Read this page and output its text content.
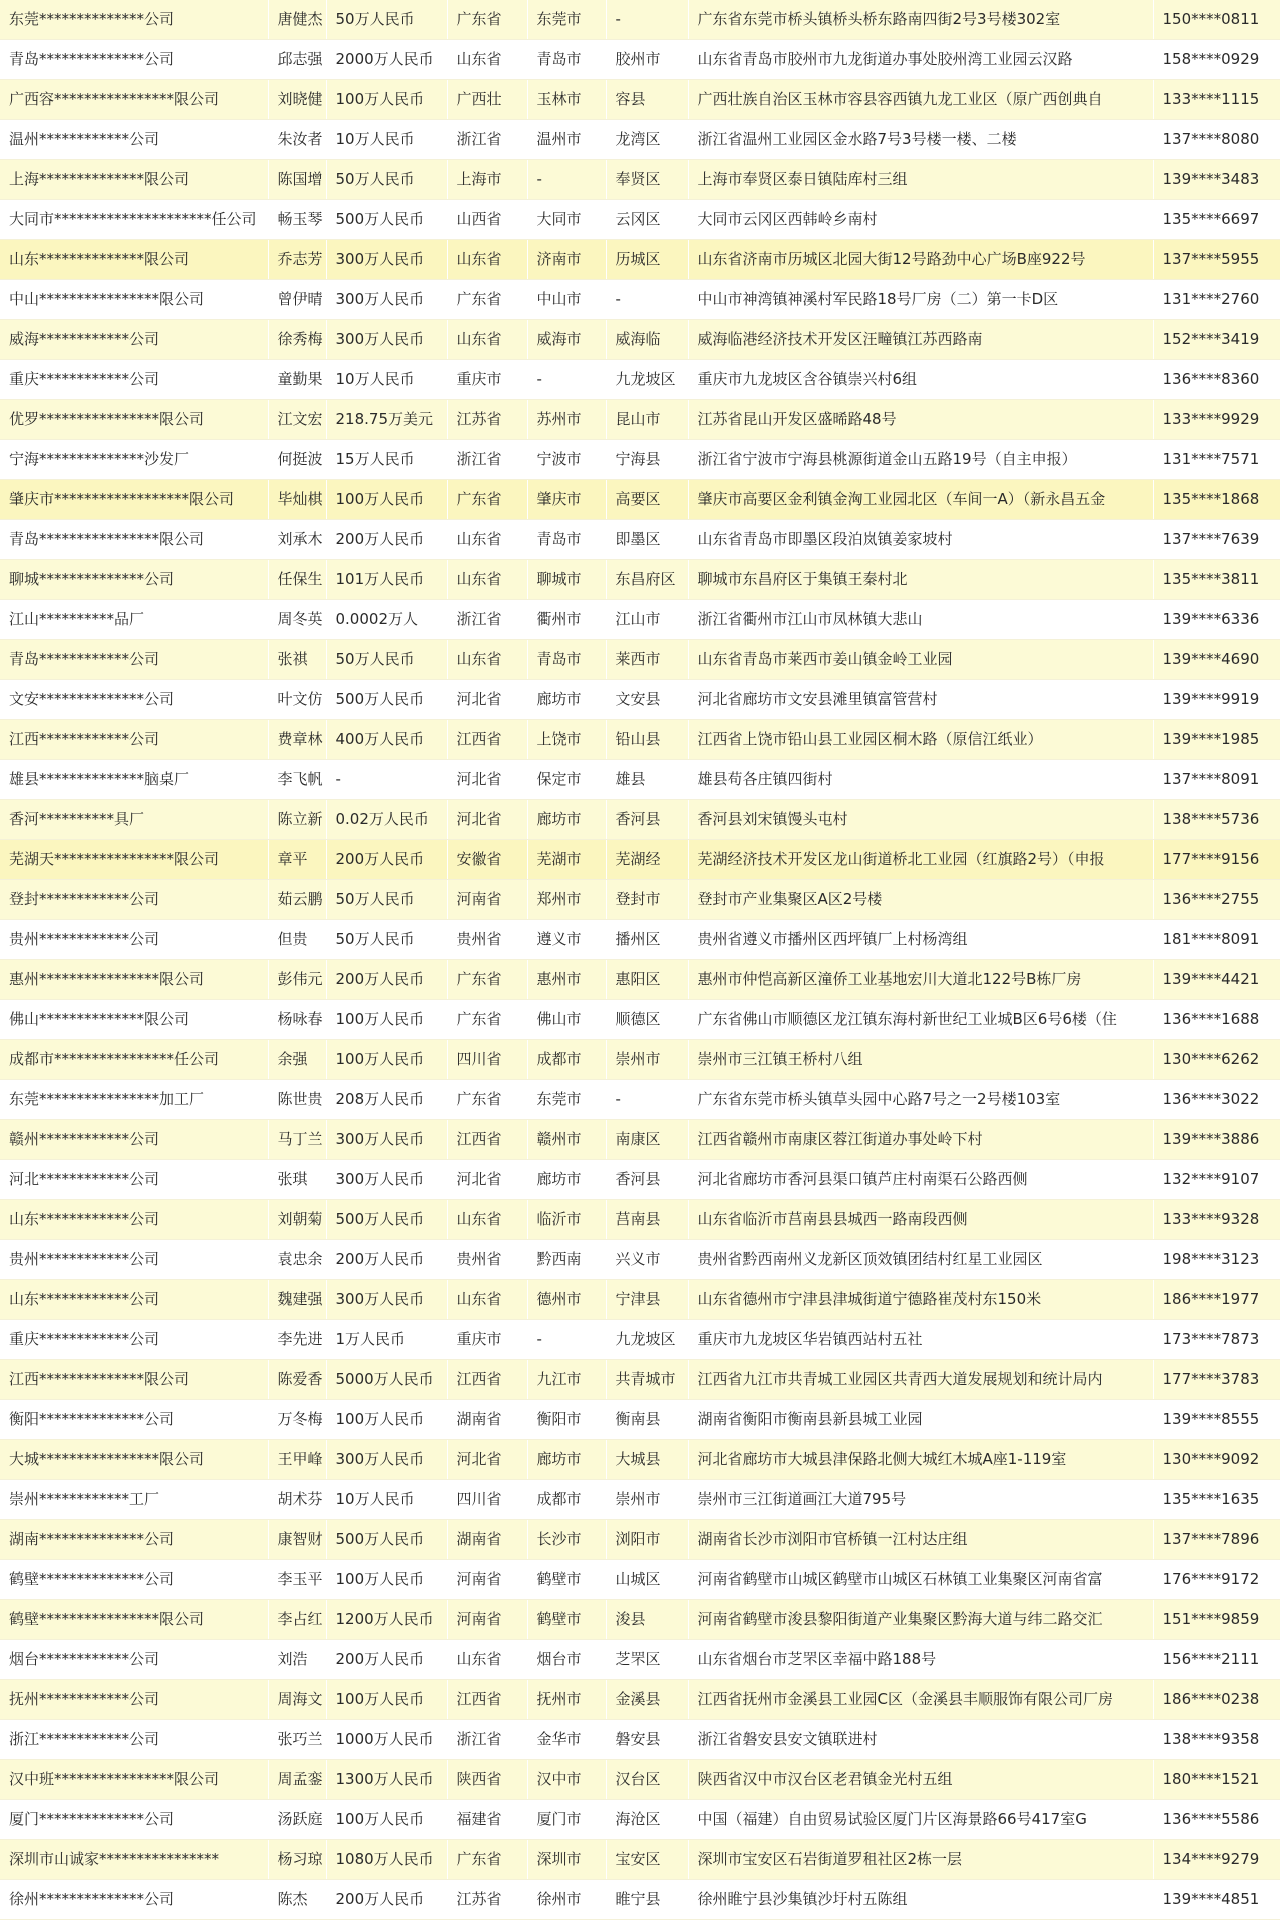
东莞**************公司	唐健杰	50万人民币	广东省	东莞市	-	广东省东莞市桥头镇桥头桥东路南四街2号3号楼302室	150****0811
青岛**************公司	邱志强	2000万人民币	山东省	青岛市	胶州市	山东省青岛市胶州市九龙街道办事处胶州湾工业园云汉路	158****0929
广西容****************限公司	刘晓健	100万人民币	广西壮	玉林市	容县	广西壮族自治区玉林市容县容西镇九龙工业区（原广西创典自	133****1115
温州************公司	朱汝者	10万人民币	浙江省	温州市	龙湾区	浙江省温州工业园区金水路7号3号楼一楼、二楼	137****8080
上海**************限公司	陈国增	50万人民币	上海市	-	奉贤区	上海市奉贤区泰日镇陆库村三组	139****3483
大同市*********************任公司	畅玉琴	500万人民币	山西省	大同市	云冈区	大同市云冈区西韩岭乡南村	135****6697
山东**************限公司	乔志芳	300万人民币	山东省	济南市	历城区	山东省济南市历城区北园大街12号路劲中心广场B座922号	137****5955
中山****************限公司	曾伊晴	300万人民币	广东省	中山市	-	中山市神湾镇神溪村军民路18号厂房（二）第一卡D区	131****2760
威海************公司	徐秀梅	300万人民币	山东省	威海市	威海临	威海临港经济技术开发区汪疃镇江苏西路南	152****3419
重庆************公司	童勤果	10万人民币	重庆市	-	九龙坡区	重庆市九龙坡区含谷镇崇兴村6组	136****8360
优罗****************限公司	江文宏	218.75万美元	江苏省	苏州市	昆山市	江苏省昆山开发区盛晞路48号	133****9929
宁海**************沙发厂	何挺波	15万人民币	浙江省	宁波市	宁海县	浙江省宁波市宁海县桃源街道金山五路19号（自主申报）	131****7571
肇庆市******************限公司	毕灿棋	100万人民币	广东省	肇庆市	高要区	肇庆市高要区金利镇金洶工业园北区（车间一A）（新永昌五金	135****1868
青岛****************限公司	刘承木	200万人民币	山东省	青岛市	即墨区	山东省青岛市即墨区段泊岚镇姜家坡村	137****7639
聊城**************公司	任保生	101万人民币	山东省	聊城市	东昌府区	聊城市东昌府区于集镇王秦村北	135****3811
江山**********品厂	周冬英	0.0002万人	浙江省	衢州市	江山市	浙江省衢州市江山市凤林镇大悲山	139****6336
青岛************公司	张祺	50万人民币	山东省	青岛市	莱西市	山东省青岛市莱西市姜山镇金岭工业园	139****4690
文安**************公司	叶文仿	500万人民币	河北省	廊坊市	文安县	河北省廊坊市文安县滩里镇富管营村	139****9919
江西************公司	费章林	400万人民币	江西省	上饶市	铅山县	江西省上饶市铅山县工业园区桐木路（原信江纸业）	139****1985
雄县**************脑桌厂	李飞帆	-	河北省	保定市	雄县	雄县苟各庄镇四街村	137****8091
香河**********具厂	陈立新	0.02万人民币	河北省	廊坊市	香河县	香河县刘宋镇馒头屯村	138****5736
芜湖天****************限公司	章平	200万人民币	安徽省	芜湖市	芜湖经	芜湖经济技术开发区龙山街道桥北工业园（红旗路2号）（申报	177****9156
登封************公司	茹云鹏	50万人民币	河南省	郑州市	登封市	登封市产业集聚区A区2号楼	136****2755
贵州************公司	但贵	50万人民币	贵州省	遵义市	播州区	贵州省遵义市播州区西坪镇厂上村杨湾组	181****8091
惠州****************限公司	彭伟元	200万人民币	广东省	惠州市	惠阳区	惠州市仲恺高新区潼侨工业基地宏川大道北122号B栋厂房	139****4421
佛山**************限公司	杨咏春	100万人民币	广东省	佛山市	顺德区	广东省佛山市顺德区龙江镇东海村新世纪工业城B区6号6楼（住	136****1688
成都市****************任公司	余强	100万人民币	四川省	成都市	崇州市	崇州市三江镇王桥村八组	130****6262
东莞****************加工厂	陈世贵	208万人民币	广东省	东莞市	-	广东省东莞市桥头镇草头园中心路7号之一2号楼103室	136****3022
赣州************公司	马丁兰	300万人民币	江西省	赣州市	南康区	江西省赣州市南康区蓉江街道办事处岭下村	139****3886
河北************公司	张琪	300万人民币	河北省	廊坊市	香河县	河北省廊坊市香河县渠口镇芦庄村南渠石公路西侧	132****9107
山东************公司	刘朝菊	500万人民币	山东省	临沂市	莒南县	山东省临沂市莒南县县城西一路南段西侧	133****9328
贵州************公司	袁忠余	200万人民币	贵州省	黔西南	兴义市	贵州省黔西南州义龙新区顶效镇团结村红星工业园区	198****3123
山东************公司	魏建强	300万人民币	山东省	德州市	宁津县	山东省德州市宁津县津城街道宁德路崔茂村东150米	186****1977
重庆************公司	李先进	1万人民币	重庆市	-	九龙坡区	重庆市九龙坡区华岩镇西站村五社	173****7873
江西**************限公司	陈爱香	5000万人民币	江西省	九江市	共青城市	江西省九江市共青城工业园区共青西大道发展规划和统计局内	177****3783
衡阳**************公司	万冬梅	100万人民币	湖南省	衡阳市	衡南县	湖南省衡阳市衡南县新县城工业园	139****8555
大城****************限公司	王甲峰	300万人民币	河北省	廊坊市	大城县	河北省廊坊市大城县津保路北侧大城红木城A座1-119室	130****9092
崇州************工厂	胡术芬	10万人民币	四川省	成都市	崇州市	崇州市三江街道画江大道795号	135****1635
湖南**************公司	康智财	500万人民币	湖南省	长沙市	浏阳市	湖南省长沙市浏阳市官桥镇一江村达庄组	137****7896
鹤壁**************公司	李玉平	100万人民币	河南省	鹤壁市	山城区	河南省鹤壁市山城区鹤壁市山城区石林镇工业集聚区河南省富	176****9172
鹤壁****************限公司	李占红	1200万人民币	河南省	鹤壁市	浚县	河南省鹤壁市浚县黎阳街道产业集聚区黔海大道与纬二路交汇	151****9859
烟台************公司	刘浩	200万人民币	山东省	烟台市	芝罘区	山东省烟台市芝罘区幸福中路188号	156****2111
抚州************公司	周海文	100万人民币	江西省	抚州市	金溪县	江西省抚州市金溪县工业园C区（金溪县丰顺服饰有限公司厂房	186****0238
浙江************公司	张巧兰	1000万人民币	浙江省	金华市	磐安县	浙江省磐安县安文镇联进村	138****9358
汉中班****************限公司	周孟銮	1300万人民币	陕西省	汉中市	汉台区	陕西省汉中市汉台区老君镇金光村五组	180****1521
厦门**************公司	汤跃庭	100万人民币	福建省	厦门市	海沧区	中国（福建）自由贸易试验区厦门片区海景路66号417室G	136****5586
深圳市山诚家****************	杨习琼	1080万人民币	广东省	深圳市	宝安区	深圳市宝安区石岩街道罗租社区2栋一层	134****9279
徐州**************公司	陈杰	200万人民币	江苏省	徐州市	睢宁县	徐州睢宁县沙集镇沙圩村五陈组	139****4851
